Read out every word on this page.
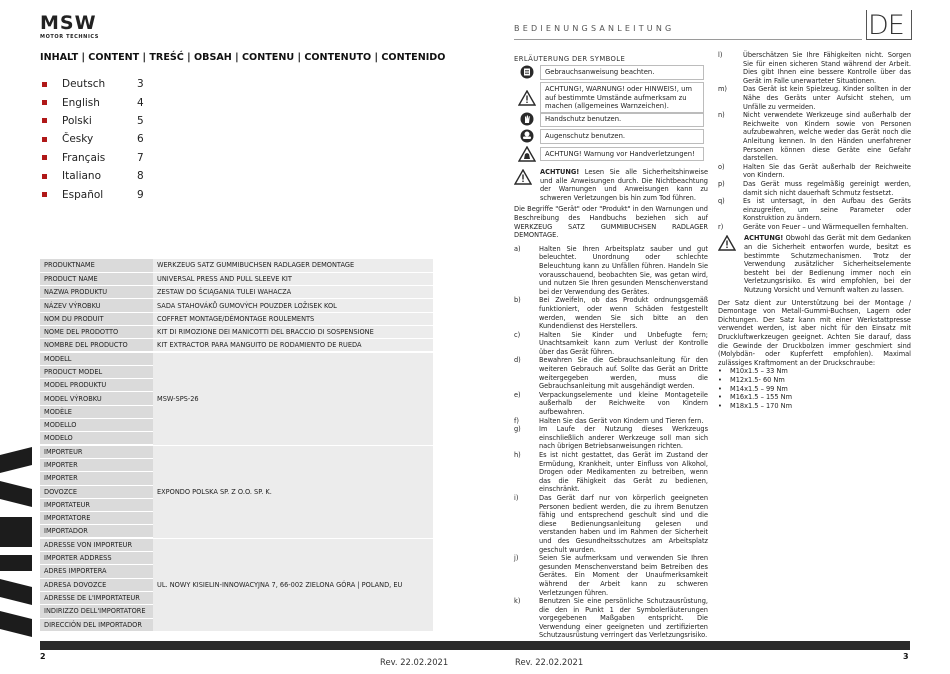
MSW
MOTOR TECHNICS
INHALT | CONTENT | TREŚĆ | OBSAH | CONTENU | CONTENUTO | CONTENIDO
Deutsch	3
English	4
Polski	5
Česky	6
Français	7
Italiano	8
Español	9
PRODUKTNAME	WERKZEUG SATZ GUMMIBUCHSEN RADLAGER DEMONTAGE
PRODUCT NAME	UNIVERSAL PRESS AND PULL SLEEVE KIT
NAZWA PRODUKTU	ZESTAW DO ŚCIĄGANIA TULEI WAHACZA
NÁZEV VÝROBKU	SADA STAHOVÁKŮ GUMOVÝCH POUZDER LOŽISEK KOL
NOM DU PRODUIT	COFFRET MONTAGE/DÉMONTAGE ROULEMENTS
NOME DEL PRODOTTO	KIT DI RIMOZIONE DEI MANICOTTI DEL BRACCIO DI SOSPENSIONE
NOMBRE DEL PRODUCTO	KIT EXTRACTOR PARA MANGUITO DE RODAMIENTO DE RUEDA
MODELL	MSW-SPS-26
PRODUCT MODEL	
MODEL PRODUKTU	
MODEL VÝROBKU	
MODÈLE	
MODELLO	
MODELO	
IMPORTEUR	EXPONDO POLSKA SP. Z O.O. SP. K.
IMPORTER	
IMPORTER	
DOVOZCE	
IMPORTATEUR	
IMPORTATORE	
IMPORTADOR	
ADRESSE VON IMPORTEUR	UL. NOWY KISIELIN-INNOWACYJNA 7, 66-002 ZIELONA GÓRA | POLAND, EU
IMPORTER ADDRESS	
ADRES IMPORTERA	
ADRESA DOVOZCE	
ADRESSE DE L'IMPORTATEUR	
INDIRIZZO DELL'IMPORTATORE	
DIRECCIÓN DEL IMPORTADOR	
BEDIENUNGSANLEITUNG	DE
ERLÄUTERUNG DER SYMBOLE
Gebrauchsanweisung beachten.
ACHTUNG!, WARNUNG! oder HINWEIS!, um auf bestimmte Umstände aufmerksam zu machen (allgemeines Warnzeichen).
Handschutz benutzen.
Augenschutz benutzen.
ACHTUNG! Warnung vor Handverletzungen!
ACHTUNG! Lesen Sie alle Sicherheitshinweise und alle Anweisungen durch. Die Nichtbeachtung der Warnungen und Anweisungen kann zu schweren Verletzungen bis hin zum Tod führen.
Die Begriffe "Gerät" oder "Produkt" in den Warnungen und Beschreibung des Handbuchs beziehen sich auf WERKZEUG SATZ GUMMIBUCHSEN RADLAGER DEMONTAGE.
a)	Halten Sie Ihren Arbeitsplatz sauber und gut beleuchtet. Unordnung oder schlechte Beleuchtung kann zu Unfällen führen. Handeln Sie vorausschauend, beobachten Sie, was getan wird, und nutzen Sie Ihren gesunden Menschenverstand bei der Verwendung des Gerätes.
b)	Bei Zweifeln, ob das Produkt ordnungsgemäß funktioniert, oder wenn Schäden festgestellt werden, wenden Sie sich bitte an den Kundendienst des Herstellers.
c)	Halten Sie Kinder und Unbefugte fern; Unachtsamkeit kann zum Verlust der Kontrolle über das Gerät führen.
d)	Bewahren Sie die Gebrauchsanleitung für den weiteren Gebrauch auf. Sollte das Gerät an Dritte weitergegeben werden, muss die Gebrauchsanleitung mit ausgehändigt werden.
e)	Verpackungselemente und kleine Montageteile außerhalb der Reichweite von Kindern aufbewahren.
f)	Halten Sie das Gerät von Kindern und Tieren fern.
g)	Im Laufe der Nutzung dieses Werkzeugs einschließlich anderer Werkzeuge soll man sich nach übrigen Betriebsanweisungen richten.
h)	Es ist nicht gestattet, das Gerät im Zustand der Ermüdung, Krankheit, unter Einfluss von Alkohol, Drogen oder Medikamenten zu betreiben, wenn das die Fähigkeit das Gerät zu bedienen, einschränkt.
i)	Das Gerät darf nur von körperlich geeigneten Personen bedient werden, die zu ihrem Benutzen fähig und entsprechend geschult sind und die diese Bedienungsanleitung gelesen und verstanden haben und im Rahmen der Sicherheit und des Gesundheitsschutzes am Arbeitsplatz geschult wurden.
j)	Seien Sie aufmerksam und verwenden Sie Ihren gesunden Menschenverstand beim Betreiben des Gerätes. Ein Moment der Unaufmerksamkeit während der Arbeit kann zu schweren Verletzungen führen.
k)	Benutzen Sie eine persönliche Schutzausrüstung, die den in Punkt 1 der Symbolerläuterungen vorgegebenen Maßgaben entspricht. Die Verwendung einer geeigneten und zertifizierten Schutzausrüstung verringert das Verletzungsrisiko.
l)	Überschätzen Sie Ihre Fähigkeiten nicht. Sorgen Sie für einen sicheren Stand während der Arbeit. Dies gibt Ihnen eine bessere Kontrolle über das Gerät im Falle unerwarteter Situationen.
m)	Das Gerät ist kein Spielzeug. Kinder sollten in der Nähe des Geräts unter Aufsicht stehen, um Unfälle zu vermeiden.
n)	Nicht verwendete Werkzeuge sind außerhalb der Reichweite von Kindern sowie von Personen aufzubewahren, welche weder das Gerät noch die Anleitung kennen. In den Händen unerfahrener Personen können diese Geräte eine Gefahr darstellen.
o)	Halten Sie das Gerät außerhalb der Reichweite von Kindern.
p)	Das Gerät muss regelmäßig gereinigt werden, damit sich nicht dauerhaft Schmutz festsetzt.
q)	Es ist untersagt, in den Aufbau des Geräts einzugreifen, um seine Parameter oder Konstruktion zu ändern.
r)	Geräte von Feuer – und Wärmequellen fernhalten.
ACHTUNG! Obwohl das Gerät mit dem Gedanken an die Sicherheit entworfen wurde, besitzt es bestimmte Schutzmechanismen. Trotz der Verwendung zusätzlicher Sicherheitselemente besteht bei der Bedienung immer noch ein Verletzungsrisiko. Es wird empfohlen, bei der Nutzung Vorsicht und Vernunft walten zu lassen.
Der Satz dient zur Unterstützung bei der Montage / Demontage von Metall-Gummi-Buchsen, Lagern oder Dichtungen. Der Satz kann mit einer Werkstattpresse verwendet werden, ist aber nicht für den Einsatz mit Druckluftwerkzeugen geeignet. Achten Sie darauf, dass die Gewinde der Druckbolzen immer geschmiert sind (Molybdän- oder Kupferfett empfohlen). Maximal zulässiges Kraftmoment an der Druckschraube:
•	M10x1.5 – 33 Nm
•	M12x1.5- 60 Nm
•	M14x1.5 – 99 Nm
•	M16x1.5 – 155 Nm
•	M18x1.5 – 170 Nm
2	3
Rev. 22.02.2021	Rev. 22.02.2021
